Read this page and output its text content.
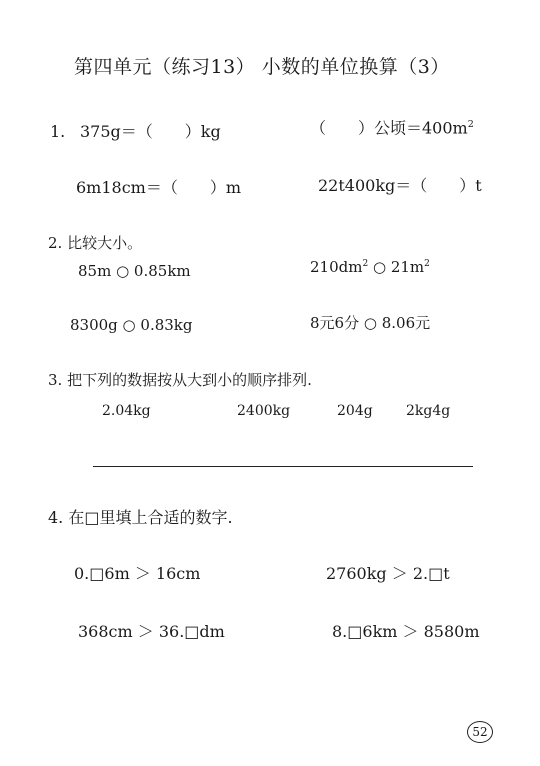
第四单元（练习13） 小数的单位换算（3）
1. 375g＝（　　）kg	（　　）公顷$=400m^2$
6m18cm＝（　　）m	22t400kg＝（　　）t
2. 比较大小。
85m ○ 0.85km	$210dm^2$ ○ $21m^2$
8300g ○ 0.83kg	8元6分 ○ 8.06元
3. 把下列的数据按从大到小的顺序排列.
2.04kg	2400kg	204g 2kg4g
4. 在□里填上合适的数字.
0.□6m ＞ 16cm	2760kg ＞ 2.□t
368cm ＞ 36.□dm	8.□6km ＞ 8580m
52
